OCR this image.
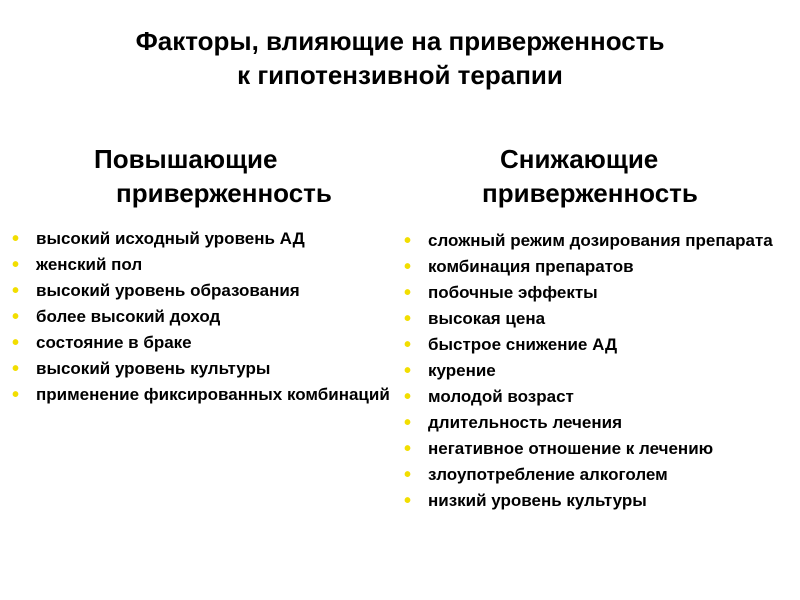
Факторы, влияющие на приверженность
к гипотензивной терапии
Повышающие
приверженность
Снижающие
приверженность
• высокий исходный уровень АД
• женский пол
• высокий уровень образования
• более высокий доход
• состояние в браке
• высокий уровень культуры
• применение фиксированных комбинаций
• сложный режим дозирования препарата
• комбинация препаратов
• побочные эффекты
• высокая цена
• быстрое снижение АД
• курение
• молодой возраст
• длительность лечения
• негативное отношение к лечению
• злоупотребление алкоголем
• низкий уровень культуры
